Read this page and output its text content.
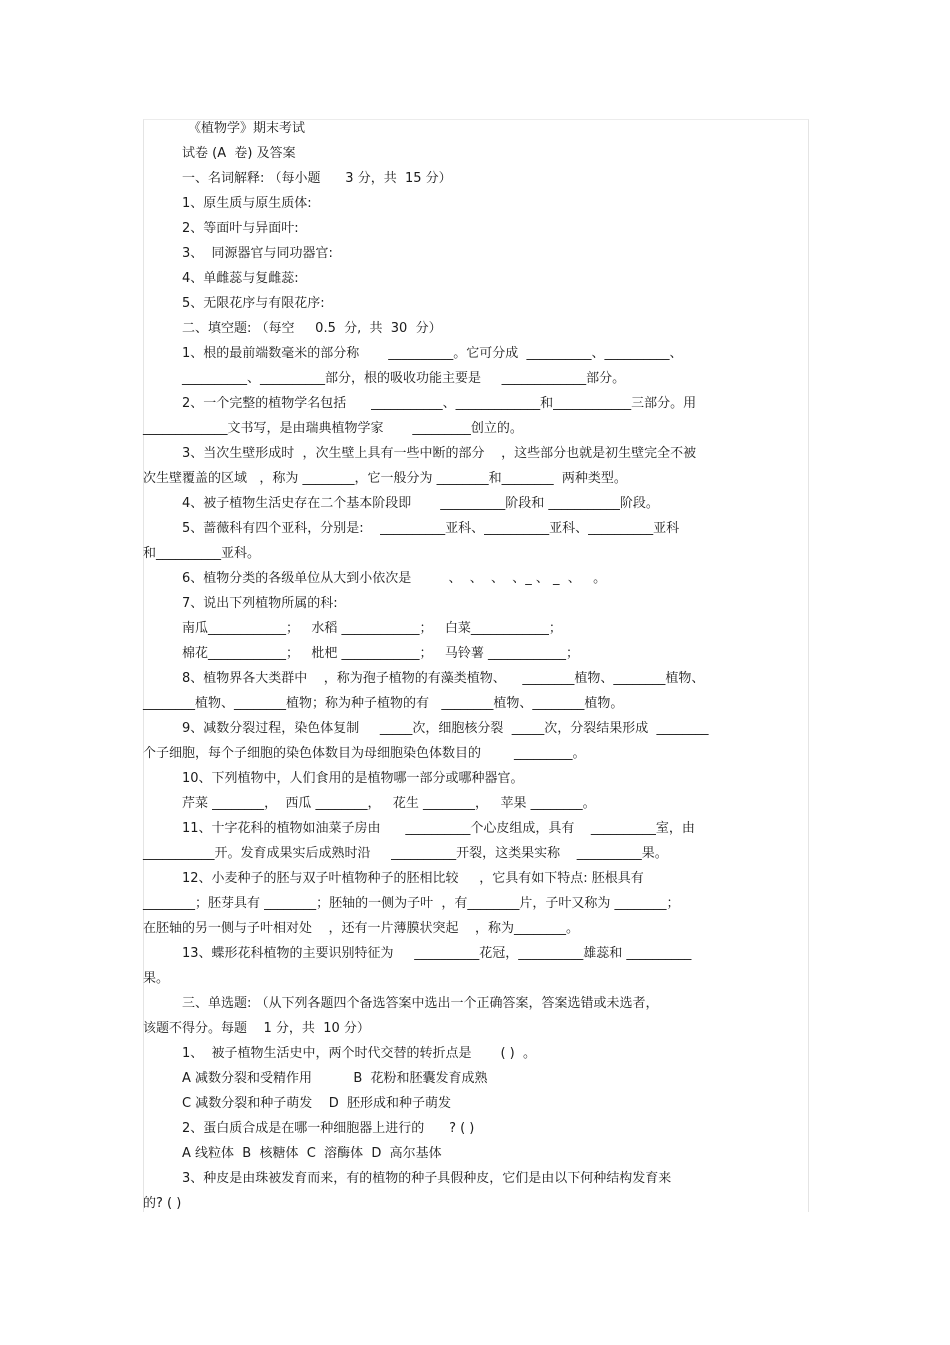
《植物学》期末考试
试卷 (A  卷) 及答案
一、名词解释: （每小题      3 分，共  15 分）
1、原生质与原生质体:
2、等面叶与异面叶:
3、  同源器官与同功器官:
4、单雌蕊与复雌蕊:
5、无限花序与有限花序:
二、填空题: （每空     0.5  分,  共  30  分）
1、根的最前端数毫米的部分称       __________。它可分成  __________、__________、
__________、__________部分，根的吸收功能主要是     _____________部分。
2、一个完整的植物学名包括      ___________、_____________和____________三部分。用
_____________文书写，是由瑞典植物学家       _________创立的。
3、当次生壁形成时  ，次生壁上具有一些中断的部分    ，这些部分也就是初生壁完全不被
次生壁覆盖的区域   ，称为 ________，它一般分为 ________和________  两种类型。
4、被子植物生活史存在二个基本阶段即       __________阶段和 ___________阶段。
5、蔷薇科有四个亚科，分别是:    __________亚科、__________亚科、__________亚科
和__________亚科。
6、植物分类的各级单位从大到小依次是         、  、  、  、_ 、 _  、   。
7、说出下列植物所属的科:
南瓜____________；   水稻 ____________；   白菜____________；
棉花____________；   枇杷 ____________；   马铃薯 ____________；
8、植物界各大类群中    ，称为孢子植物的有藻类植物、    ________植物、________植物、
________植物、________植物；称为种子植物的有   ________植物、________植物。
9、减数分裂过程，染色体复制     _____次，细胞核分裂  _____次，分裂结果形成  ________
个子细胞，每个子细胞的染色体数目为母细胞染色体数目的        _________。
10、下列植物中，人们食用的是植物哪一部分或哪种器官。
芹菜 ________，  西瓜 ________，   花生 ________，   苹果 ________。
11、十字花科的植物如油菜子房由      __________个心皮组成，具有    __________室，由
___________开。发育成果实后成熟时沿     __________开裂，这类果实称    __________果。
12、小麦种子的胚与双子叶植物种子的胚相比较     ，它具有如下特点: 胚根具有
________；胚芽具有 ________；胚轴的一侧为子叶  ，有________片，子叶又称为 ________；
在胚轴的另一侧与子叶相对处    ，还有一片薄膜状突起    ，称为________。
13、蝶形花科植物的主要识别特征为     __________花冠，__________雄蕊和 __________
果。
三、单选题: （从下列各题四个备选答案中选出一个正确答案，答案选错或未选者，
该题不得分。每题    1 分，共  10 分）
1、  被子植物生活史中，两个时代交替的转折点是       ( )  。
A 减数分裂和受精作用          B  花粉和胚囊发育成熟
C 减数分裂和种子萌发    D  胚形成和种子萌发
2、蛋白质合成是在哪一种细胞器上进行的      ? ( )
A 线粒体  B  核糖体  C  溶酶体  D  高尔基体
3、种皮是由珠被发育而来，有的植物的种子具假种皮，它们是由以下何种结构发育来
的? ( )
